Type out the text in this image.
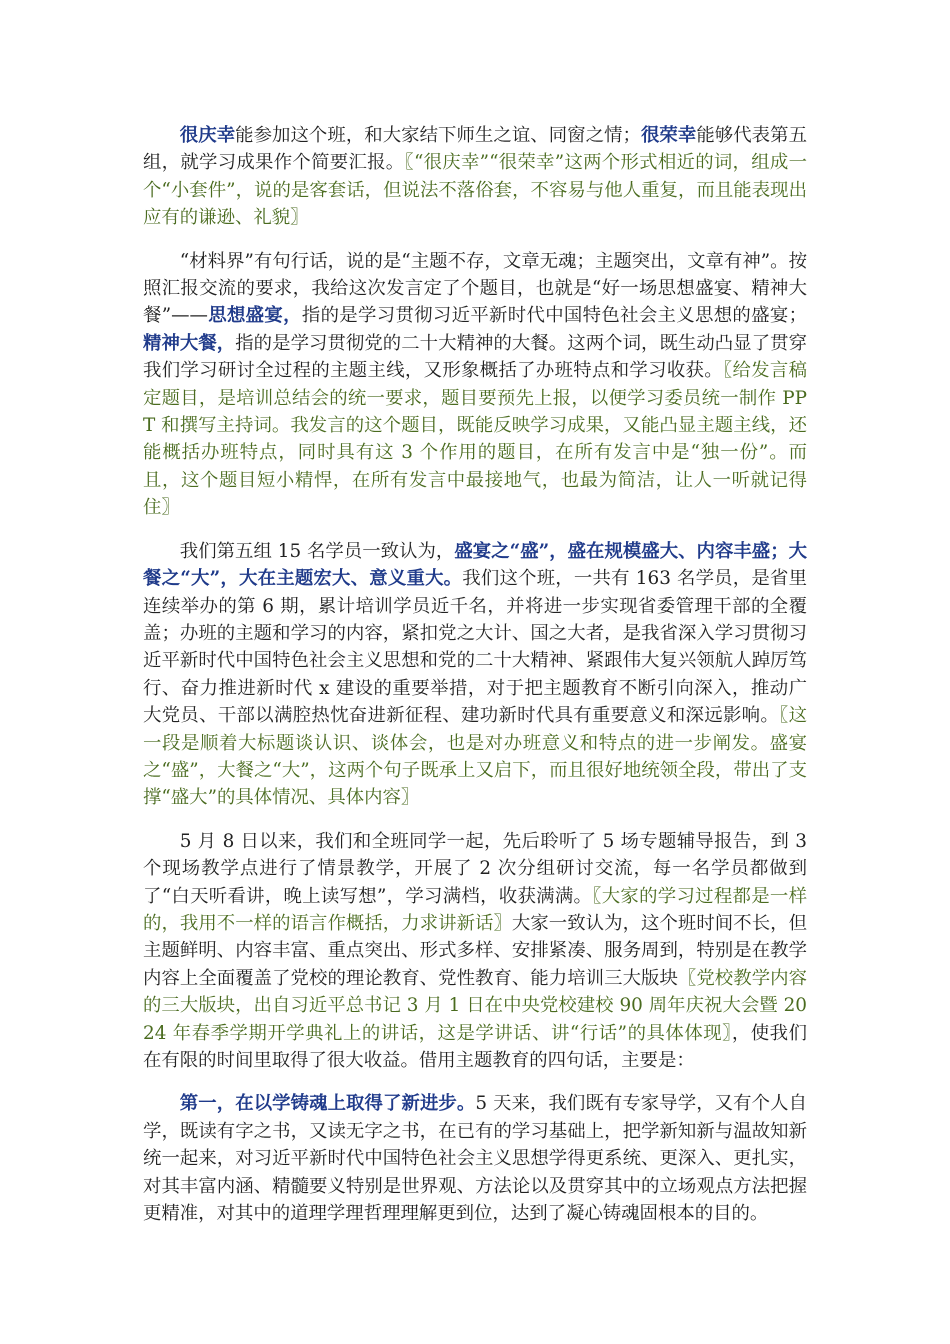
很庆幸能参加这个班，和大家结下师生之谊、同窗之情；很荣幸能够代表第五组，就学习成果作个简要汇报。〖“很庆幸”“很荣幸”这两个形式相近的词，组成一个“小套件”，说的是客套话，但说法不落俗套，不容易与他人重复，而且能表现出应有的谦逊、礼貌〗

“材料界”有句行话，说的是“主题不存，文章无魂；主题突出，文章有神”。按照汇报交流的要求，我给这次发言定了个题目，也就是“好一场思想盛宴、精神大餐”——思想盛宴，指的是学习贯彻习近平新时代中国特色社会主义思想的盛宴；精神大餐，指的是学习贯彻党的二十大精神的大餐。这两个词，既生动凸显了贯穿我们学习研讨全过程的主题主线，又形象概括了办班特点和学习收获。〖给发言稿定题目，是培训总结会的统一要求，题目要预先上报，以便学习委员统一制作 PPT 和撰写主持词。我发言的这个题目，既能反映学习成果，又能凸显主题主线，还能概括办班特点，同时具有这 3 个作用的题目，在所有发言中是“独一份”。而且，这个题目短小精悍，在所有发言中最接地气，也最为简洁，让人一听就记得住〗

我们第五组 15 名学员一致认为，盛宴之“盛”，盛在规模盛大、内容丰盛；大餐之“大”，大在主题宏大、意义重大。我们这个班，一共有 163 名学员，是省里连续举办的第 6 期，累计培训学员近千名，并将进一步实现省委管理干部的全覆盖；办班的主题和学习的内容，紧扣党之大计、国之大者，是我省深入学习贯彻习近平新时代中国特色社会主义思想和党的二十大精神、紧跟伟大复兴领航人踔厉笃行、奋力推进新时代 x 建设的重要举措，对于把主题教育不断引向深入，推动广大党员、干部以满腔热忱奋进新征程、建功新时代具有重要意义和深远影响。〖这一段是顺着大标题谈认识、谈体会，也是对办班意义和特点的进一步阐发。盛宴之“盛”，大餐之“大”，这两个句子既承上又启下，而且很好地统领全段，带出了支撑“盛大”的具体情况、具体内容〗

5 月 8 日以来，我们和全班同学一起，先后聆听了 5 场专题辅导报告，到 3 个现场教学点进行了情景教学，开展了 2 次分组研讨交流，每一名学员都做到了“白天听看讲，晚上读写想”，学习满档，收获满满。〖大家的学习过程都是一样的，我用不一样的语言作概括，力求讲新话〗大家一致认为，这个班时间不长，但主题鲜明、内容丰富、重点突出、形式多样、安排紧凑、服务周到，特别是在教学内容上全面覆盖了党校的理论教育、党性教育、能力培训三大版块〖党校教学内容的三大版块，出自习近平总书记 3 月 1 日在中央党校建校 90 周年庆祝大会暨 2024 年春季学期开学典礼上的讲话，这是学讲话、讲“行话”的具体体现〗，使我们在有限的时间里取得了很大收益。借用主题教育的四句话，主要是：

第一，在以学铸魂上取得了新进步。5 天来，我们既有专家导学，又有个人自学，既读有字之书，又读无字之书，在已有的学习基础上，把学新知新与温故知新统一起来，对习近平新时代中国特色社会主义思想学得更系统、更深入、更扎实，对其丰富内涵、精髓要义特别是世界观、方法论以及贯穿其中的立场观点方法把握更精准，对其中的道理学理哲理理解更到位，达到了凝心铸魂固根本的目的。
